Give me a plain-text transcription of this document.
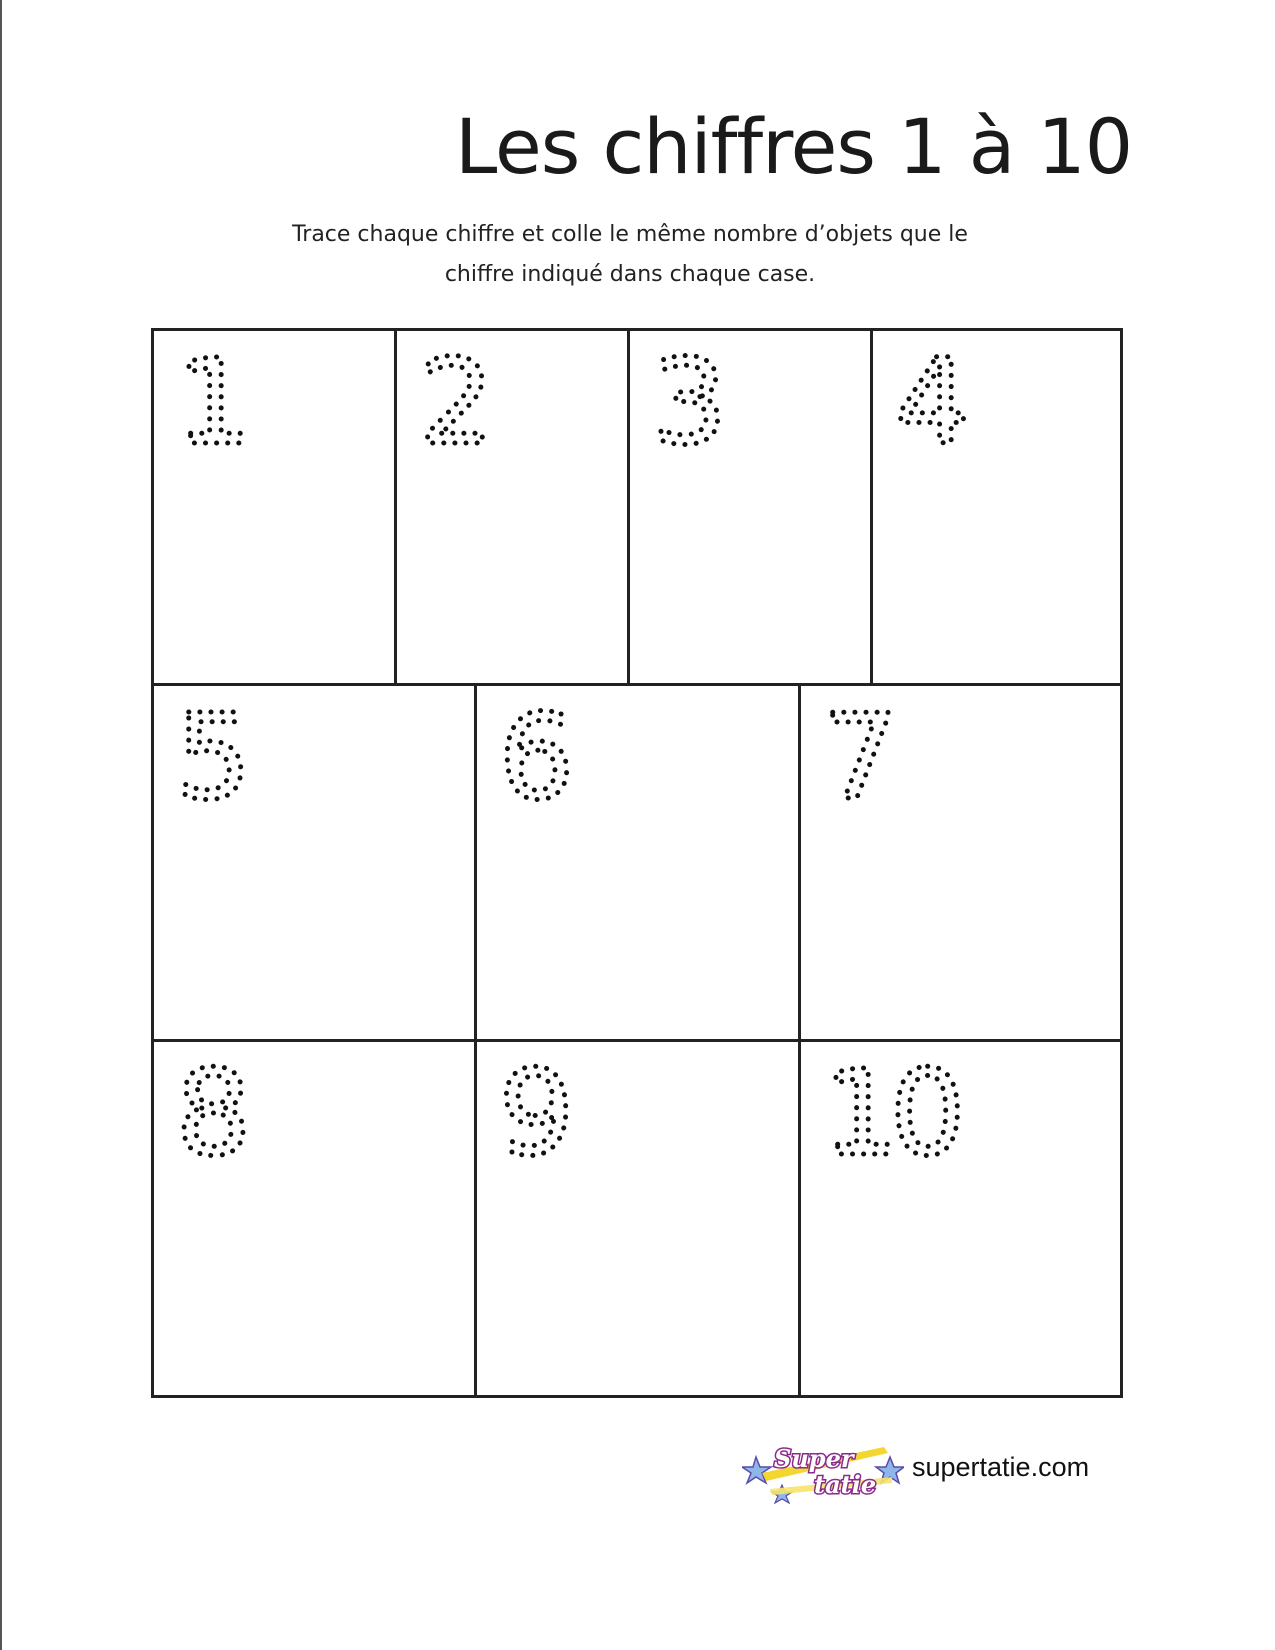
Les chiffres 1 à 10
Trace chaque chiffre et colle le même nombre d’objets que le
chiffre indiqué dans chaque case.
1 2 3 4
5 6 7
8 9 10
Super
tatie
supertatie.com
